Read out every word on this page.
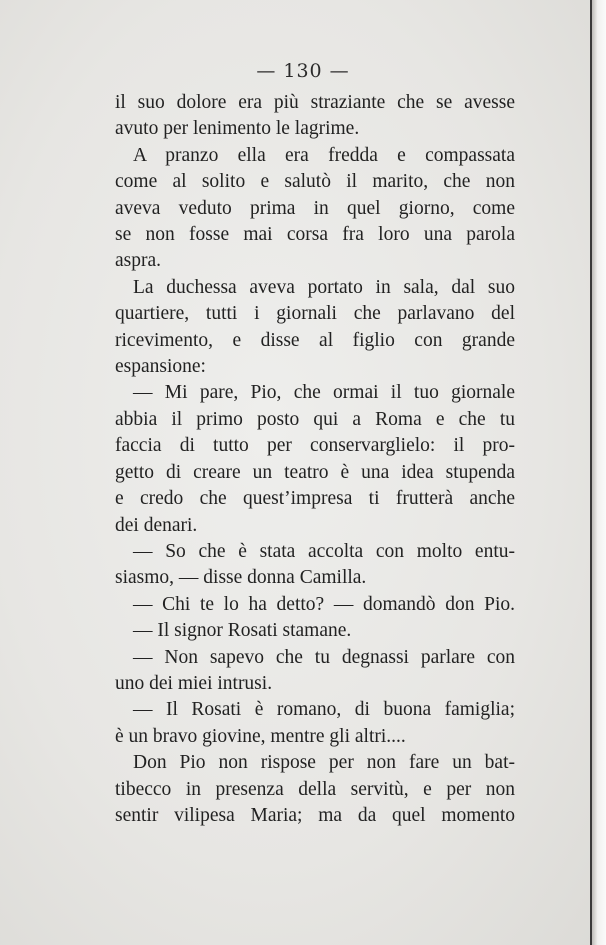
— 130 —
il suo dolore era più straziante che se avesse
avuto per lenimento le lagrime.
A pranzo ella era fredda e compassata
come al solito e salutò il marito, che non
aveva veduto prima in quel giorno, come
se non fosse mai corsa fra loro una parola
aspra.
La duchessa aveva portato in sala, dal suo
quartiere, tutti i giornali che parlavano del
ricevimento, e disse al figlio con grande
espansione:
— Mi pare, Pio, che ormai il tuo giornale
abbia il primo posto qui a Roma e che tu
faccia di tutto per conservarglielo: il pro-
getto di creare un teatro è una idea stupenda
e credo che quest’impresa ti frutterà anche
dei denari.
— So che è stata accolta con molto entu-
siasmo, — disse donna Camilla.
— Chi te lo ha detto? — domandò don Pio.
— Il signor Rosati stamane.
— Non sapevo che tu degnassi parlare con
uno dei miei intrusi.
— Il Rosati è romano, di buona famiglia;
è un bravo giovine, mentre gli altri....
Don Pio non rispose per non fare un bat-
tibecco in presenza della servitù, e per non
sentir vilipesa Maria; ma da quel momento
